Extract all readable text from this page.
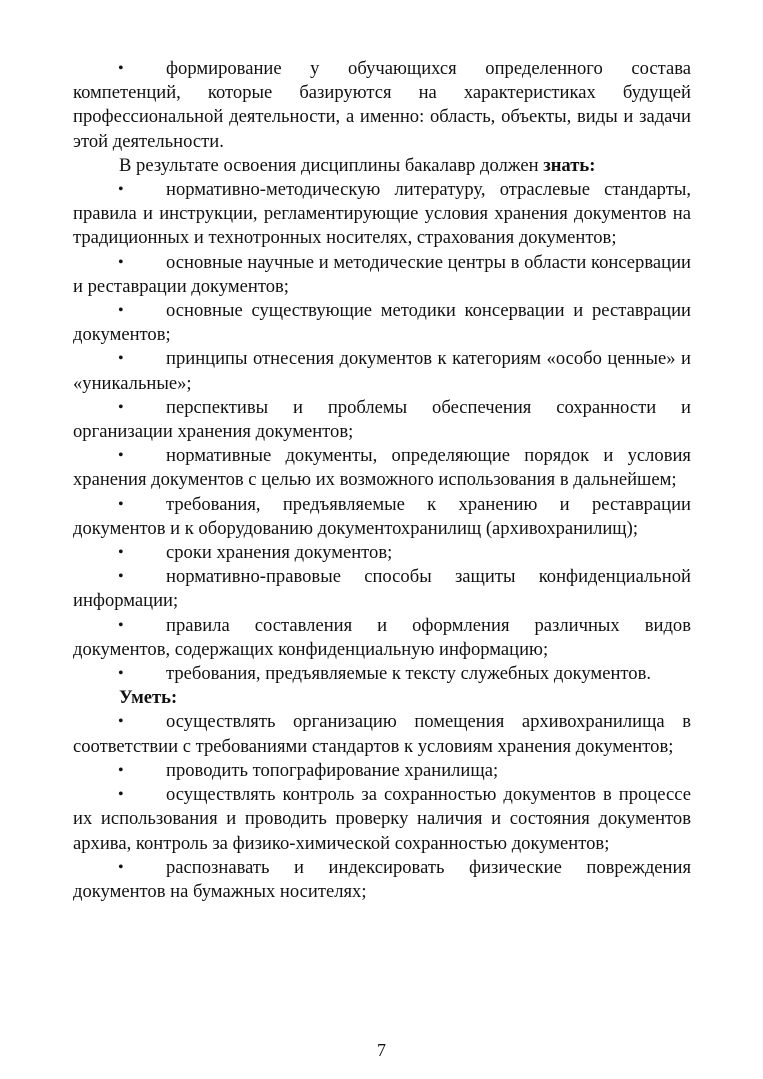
• формирование у обучающихся определенного состава компетенций, которые базируются на характеристиках будущей профессиональной деятельности, а именно: область, объекты, виды и задачи этой деятельности.

В результате освоения дисциплины бакалавр должен знать:

• нормативно-методическую литературу, отраслевые стандарты, правила и инструкции, регламентирующие условия хранения документов на традиционных и технотронных носителях, страхования документов;

• основные научные и методические центры в области консервации и реставрации документов;

• основные существующие методики консервации и реставрации документов;

• принципы отнесения документов к категориям «особо ценные» и «уникальные»;

• перспективы и проблемы обеспечения сохранности и организации хранения документов;

• нормативные документы, определяющие порядок и условия хранения документов с целью их возможного использования в дальнейшем;

• требования, предъявляемые к хранению и реставрации документов и к оборудованию документохранилищ (архивохранилищ);

• сроки хранения документов;

• нормативно-правовые способы защиты конфиденциальной информации;

• правила составления и оформления различных видов документов, содержащих конфиденциальную информацию;

• требования, предъявляемые к тексту служебных документов.

Уметь:

• осуществлять организацию помещения архивохранилища в соответствии с требованиями стандартов к условиям хранения документов;

• проводить топографирование хранилища;

• осуществлять контроль за сохранностью документов в процессе их использования и проводить проверку наличия и состояния документов архива, контроль за физико-химической сохранностью документов;

• распознавать и индексировать физические повреждения документов на бумажных носителях;

7
